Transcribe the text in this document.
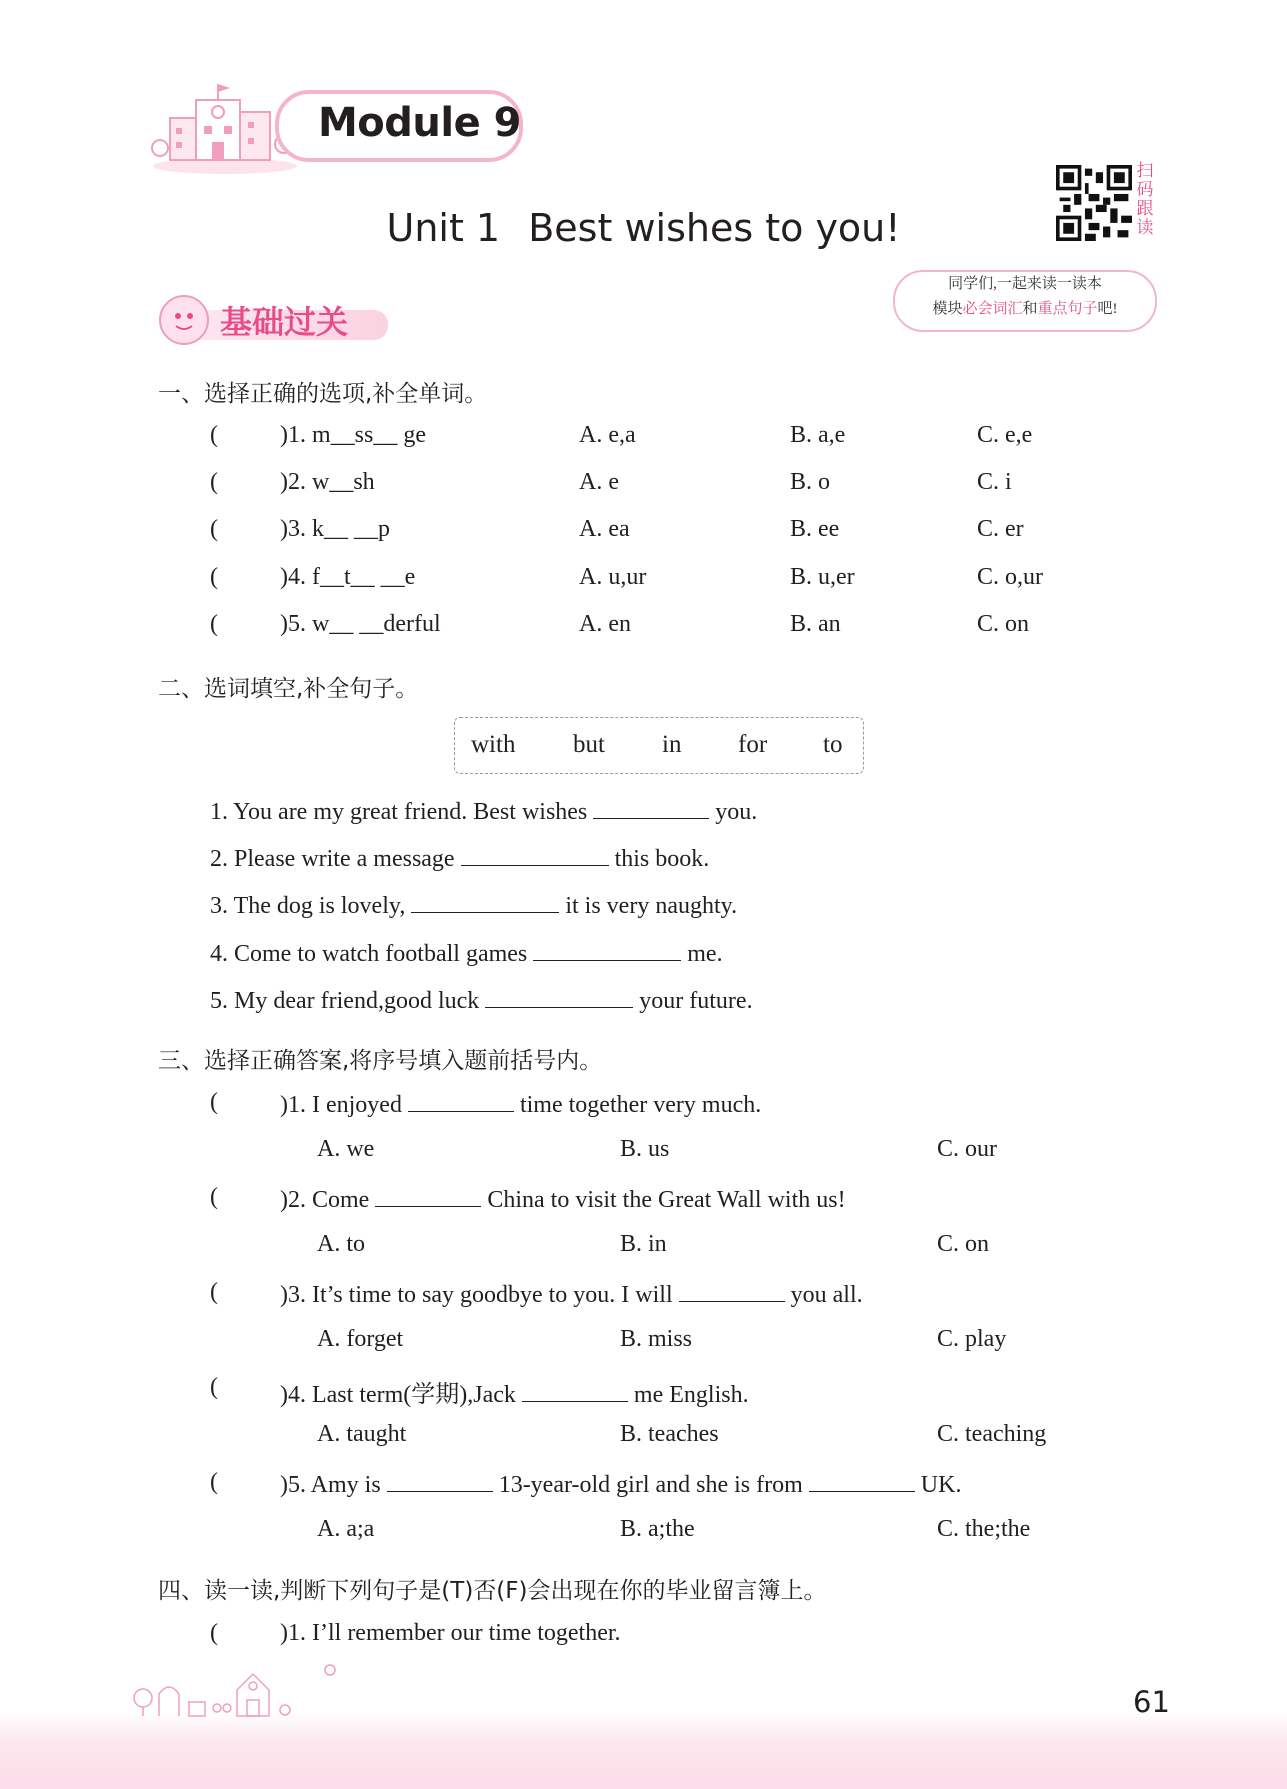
Module 9
Unit 1 Best wishes to you!
扫
码
跟
读
同学们,一起来读一读本
模块必会词汇和重点句子吧!
基础过关
一、选择正确的选项,补全单词。
(	)1. m__ss__ ge	A. e,a	B. a,e	C. e,e
(	)2. w__sh	A. e	B. o	C. i
(	)3. k__ __p	A. ea	B. ee	C. er
(	)4. f__t__ __e	A. u,ur	B. u,er	C. o,ur
(	)5. w__ __derful	A. en	B. an	C. on
二、选词填空,补全句子。
with but in for to
1. You are my great friend. Best wishes	you.
2. Please write a message	this book.
3. The dog is lovely,	it is very naughty.
4. Come to watch football games	me.
5. My dear friend,good luck	your future.
三、选择正确答案,将序号填入题前括号内。
(	)1. I enjoyed	time together very much.
A. we	B. us	C. our
(	)2. Come	China to visit the Great Wall with us!
A. to	B. in	C. on
(	)3. It’s time to say goodbye to you. I will	you all.
A. forget	B. miss	C. play
(	)4. Last term(学期),Jack	me English.
A. taught	B. teaches	C. teaching
(	)5. Amy is	13-year-old girl and she is from	UK.
A. a;a	B. a;the	C. the;the
四、读一读,判断下列句子是(T)否(F)会出现在你的毕业留言簿上。
(	)1. I’ll remember our time together.
61
